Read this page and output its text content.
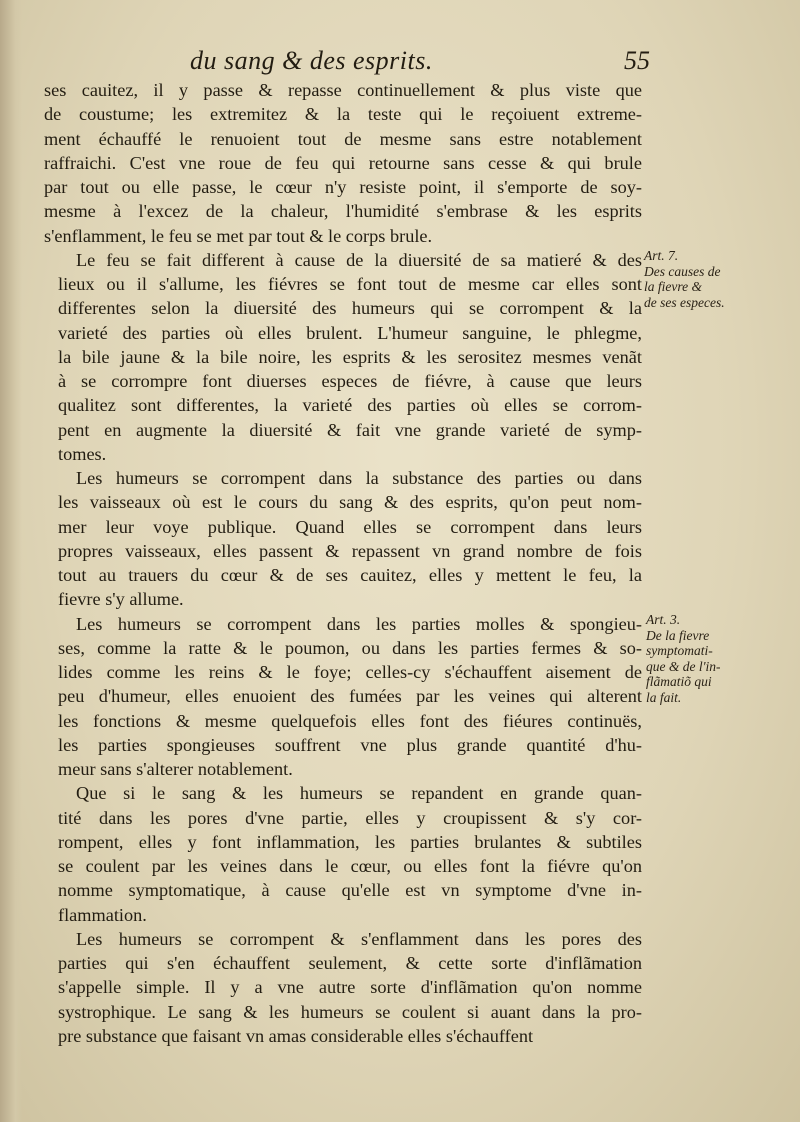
du sang & des esprits.	55
ses cauitez, il y passe & repasse continuellement & plus viste que
de coustume; les extremitez & la teste qui le reçoiuent extreme-
ment échauffé le renuoient tout de mesme sans estre notablement
raffraichi. C'est vne roue de feu qui retourne sans cesse & qui brule
par tout ou elle passe, le cœur n'y resiste point, il s'emporte de soy-
mesme à l'excez de la chaleur, l'humidité s'embrase & les esprits
s'enflamment, le feu se met par tout & le corps brule.
Le feu se fait different à cause de la diuersité de sa matieré & des
lieux ou il s'allume, les fiévres se font tout de mesme car elles sont
differentes selon la diuersité des humeurs qui se corrompent & la
varieté des parties où elles brulent. L'humeur sanguine, le phlegme,
la bile jaune & la bile noire, les esprits & les serositez mesmes venãt
à se corrompre font diuerses especes de fiévre, à cause que leurs
qualitez sont differentes, la varieté des parties où elles se corrom-
pent en augmente la diuersité & fait vne grande varieté de symp-
tomes.
Les humeurs se corrompent dans la substance des parties ou dans
les vaisseaux où est le cours du sang & des esprits, qu'on peut nom-
mer leur voye publique. Quand elles se corrompent dans leurs
propres vaisseaux, elles passent & repassent vn grand nombre de fois
tout au trauers du cœur & de ses cauitez, elles y mettent le feu, la
fievre s'y allume.
Les humeurs se corrompent dans les parties molles & spongieu-
ses, comme la ratte & le poumon, ou dans les parties fermes & so-
lides comme les reins & le foye; celles-cy s'échauffent aisement de
peu d'humeur, elles enuoient des fumées par les veines qui alterent
les fonctions & mesme quelquefois elles font des fiéures continuës,
les parties spongieuses souffrent vne plus grande quantité d'hu-
meur sans s'alterer notablement.
Que si le sang & les humeurs se repandent en grande quan-
tité dans les pores d'vne partie, elles y croupissent & s'y cor-
rompent, elles y font inflammation, les parties brulantes & subtiles
se coulent par les veines dans le cœur, ou elles font la fiévre qu'on
nomme symptomatique, à cause qu'elle est vn symptome d'vne in-
flammation.
Les humeurs se corrompent & s'enflamment dans les pores des
parties qui s'en échauffent seulement, & cette sorte d'inflãmation
s'appelle simple. Il y a vne autre sorte d'inflãmation qu'on nomme
systrophique. Le sang & les humeurs se coulent si auant dans la pro-
pre substance que faisant vn amas considerable elles s'échauffent
Art. 7.
Des causes de
la fievre &
de ses especes.
Art. 3.
De la fievre
symptomati-
que & de l'in-
flãmatiõ qui
la fait.
